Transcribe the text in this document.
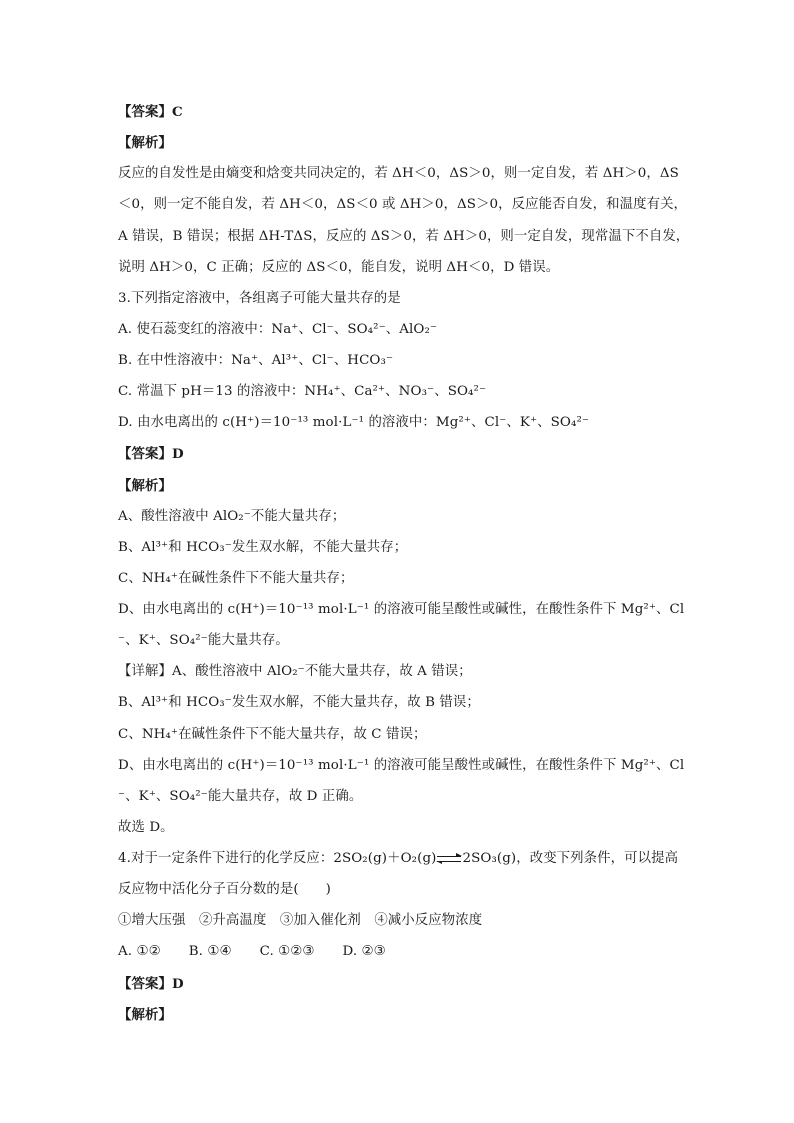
【答案】C
【解析】
反应的自发性是由熵变和焓变共同决定的，若 ΔH＜0，ΔS＞0，则一定自发，若 ΔH＞0，ΔS
＜0，则一定不能自发，若 ΔH＜0，ΔS＜0 或 ΔH＞0，ΔS＞0，反应能否自发，和温度有关，
A 错误，B 错误；根据 ΔH-TΔS，反应的 ΔS＞0，若 ΔH＞0，则一定自发，现常温下不自发，
说明 ΔH＞0，C 正确；反应的 ΔS＜0，能自发，说明 ΔH＜0，D 错误。
3.下列指定溶液中，各组离子可能大量共存的是
A. 使石蕊变红的溶液中：Na⁺、Cl⁻、SO₄²⁻、AlO₂⁻
B. 在中性溶液中：Na⁺、Al³⁺、Cl⁻、HCO₃⁻
C. 常温下 pH＝13 的溶液中：NH₄⁺、Ca²⁺、NO₃⁻、SO₄²⁻
D. 由水电离出的 c(H⁺)＝10⁻¹³ mol·L⁻¹ 的溶液中：Mg²⁺、Cl⁻、K⁺、SO₄²⁻
【答案】D
【解析】
A、酸性溶液中 AlO₂⁻不能大量共存；
B、Al³⁺和 HCO₃⁻发生双水解，不能大量共存；
C、NH₄⁺在碱性条件下不能大量共存；
D、由水电离出的 c(H⁺)＝10⁻¹³ mol·L⁻¹ 的溶液可能呈酸性或碱性，在酸性条件下 Mg²⁺、Cl
⁻、K⁺、SO₄²⁻能大量共存。
【详解】A、酸性溶液中 AlO₂⁻不能大量共存，故 A 错误；
B、Al³⁺和 HCO₃⁻发生双水解，不能大量共存，故 B 错误；
C、NH₄⁺在碱性条件下不能大量共存，故 C 错误；
D、由水电离出的 c(H⁺)＝10⁻¹³ mol·L⁻¹ 的溶液可能呈酸性或碱性，在酸性条件下 Mg²⁺、Cl
⁻、K⁺、SO₄²⁻能大量共存，故 D 正确。
故选 D。
4.对于一定条件下进行的化学反应：2SO₂(g)＋O₂(g)⇌2SO₃(g)，改变下列条件，可以提高
反应物中活化分子百分数的是(　　)
①增大压强　②升高温度　③加入催化剂　④减小反应物浓度
A. ①② B. ①④ C. ①②③ D. ②③
【答案】D
【解析】
